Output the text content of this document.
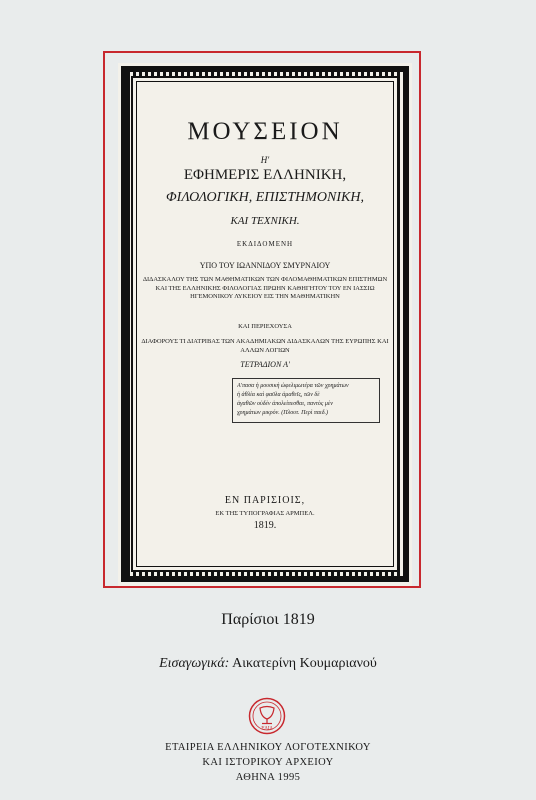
ΜΟΥΣΕΙΟΝ
Η'
ΕΦΗΜΕΡΙΣ ΕΛΛΗΝΙΚΗ,
ΦΙΛΟΛΟΓΙΚΗ, ΕΠΙΣΤΗΜΟΝΙΚΗ,
ΚΑΙ ΤΕΧΝΙΚΗ.
ΕΚΔΙΔΟΜΕΝΗ
ΥΠΟ ΤΟΥ ΙΩΑΝΝΙΔΟΥ ΣΜΥΡΝΑΙΟΥ
ΔΙΔΑΣΚΑΛΟΥ ΤΗΣ ΤΩΝ ΜΑΘΗΜΑΤΙΚΩΝ ΤΩΝ ΦΙΛΟΜΑΘΗΜΑΤΙΚΩΝ ΕΠΙΣΤΗΜΩΝ ΚΑΙ ΤΗΣ ΕΛΛΗΝΙΚΗΣ ΦΙΛΟΛΟΓΙΑΣ ΠΡΩΗΝ ΚΑΘΗΓΗΤΟΥ ΤΟΥ ΕΝ ΙΑΣΣΙΩ ΗΓΕΜΟΝΙΚΟΥ ΛΥΚΕΙΟΥ ΕΙΣ ΤΗΝ ΜΑΘΗΜΑΤΙΚΗΝ
ΚΑΙ ΠΕΡΙΕΧΟΥΣΑ
ΔΙΑΦΟΡΟΥΣ ΤΙ ΔΙΑΤΡΙΒΑΣ ΤΩΝ ΑΚΑΔΗΜΙΑΚΩΝ ΔΙΔΑΣΚΑΛΩΝ ΤΗΣ ΕΥΡΩΠΗΣ ΚΑΙ ΑΛΛΩΝ ΛΟΓΙΩΝ
ΤΕΤΡΑΔΙΟΝ Α'
Α'πασα ἡ μουσικὴ ὠφελιμωτέρα τῶν χρημάτων
ἡ ἀθλία καὶ φαῦλα ἀμαθεῖς, τῶν δὲ
ἀγαθῶν οὐδὲν ἀπολείπεσθαι, παντὸς μὲν
χρημάτων μικρόν. (Πλουτ. Περὶ παιδ.)
ΕΝ ΠΑΡΙΣΙΟΙΣ,
ΕΚ ΤΗΣ ΤΥΠΟΓΡΑΦΙΑΣ ΑΡΜΠΕΛ.
1819.
Παρίσιοι 1819
Εισαγωγικά: Αικατερίνη Κουμαριανού
ΕΛΙΑ
ΕΤΑΙΡΕΙΑ ΕΛΛΗΝΙΚΟΥ ΛΟΓΟΤΕΧΝΙΚΟΥ
ΚΑΙ ΙΣΤΟΡΙΚΟΥ ΑΡΧΕΙΟΥ
ΑΘΗΝΑ 1995
